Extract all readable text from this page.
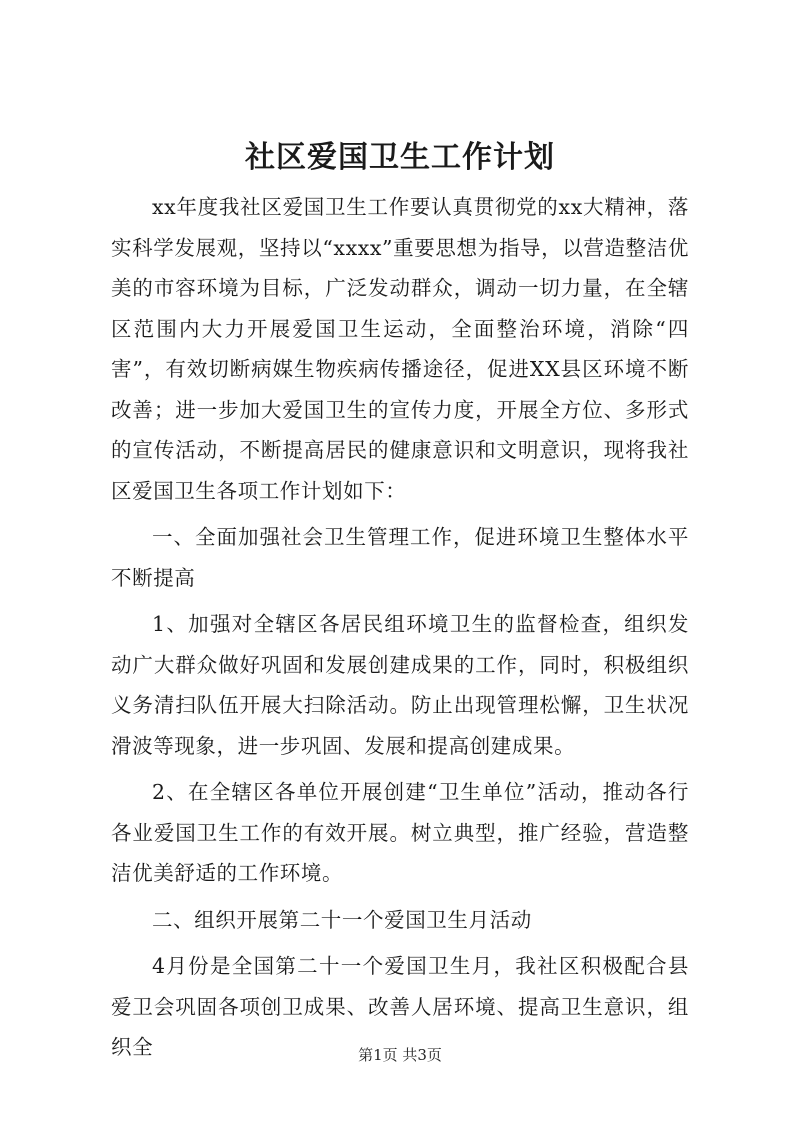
社区爱国卫生工作计划

xx年度我社区爱国卫生工作要认真贯彻党的xx大精神，落实科学发展观，坚持以“xxxx”重要思想为指导，以营造整洁优美的市容环境为目标，广泛发动群众，调动一切力量，在全辖区范围内大力开展爱国卫生运动，全面整治环境，消除“四害”，有效切断病媒生物疾病传播途径，促进XX县区环境不断改善；进一步加大爱国卫生的宣传力度，开展全方位、多形式的宣传活动，不断提高居民的健康意识和文明意识，现将我社区爱国卫生各项工作计划如下：

一、全面加强社会卫生管理工作，促进环境卫生整体水平不断提高

1、加强对全辖区各居民组环境卫生的监督检查，组织发动广大群众做好巩固和发展创建成果的工作，同时，积极组织义务清扫队伍开展大扫除活动。防止出现管理松懈，卫生状况滑波等现象，进一步巩固、发展和提高创建成果。

2、在全辖区各单位开展创建“卫生单位”活动，推动各行各业爱国卫生工作的有效开展。树立典型，推广经验，营造整洁优美舒适的工作环境。

二、组织开展第二十一个爱国卫生月活动

4月份是全国第二十一个爱国卫生月，我社区积极配合县爱卫会巩固各项创卫成果、改善人居环境、提高卫生意识，组织全	第1页 共3页
